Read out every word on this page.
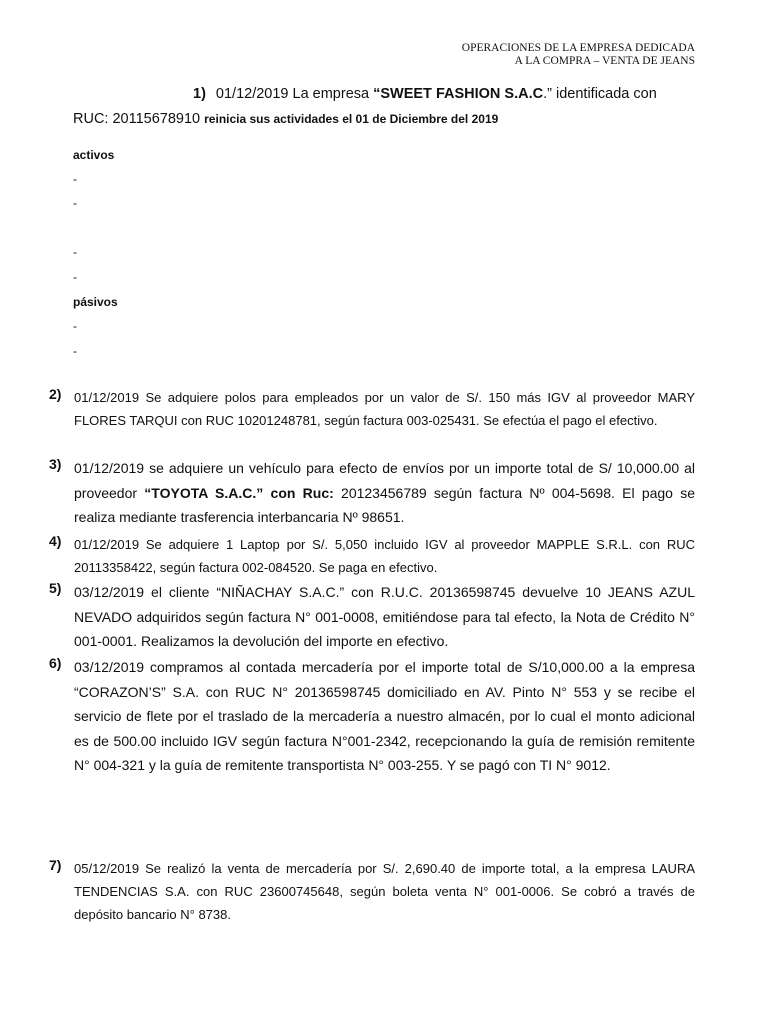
OPERACIONES DE LA EMPRESA DEDICADA
A LA COMPRA – VENTA DE JEANS
1) 01/12/2019 La empresa “SWEET FASHION S.A.C.” identificada con
RUC: 20115678910 reinicia sus actividades el 01 de Diciembre del 2019
activos
-
-
-
-
pásivos
-
-
2) 01/12/2019 Se adquiere polos para empleados por un valor de S/. 150 más IGV al proveedor MARY FLORES TARQUI con RUC 10201248781, según factura 003-025431. Se efectúa el pago el efectivo.
3) 01/12/2019 se adquiere un vehículo para efecto de envíos por un importe total de S/ 10,000.00 al proveedor “TOYOTA S.A.C.” con Ruc: 20123456789 según factura Nº 004-5698. El pago se realiza mediante trasferencia interbancaria Nº 98651.
4) 01/12/2019 Se adquiere 1 Laptop por S/. 5,050 incluido IGV al proveedor MAPPLE S.R.L. con RUC 20113358422, según factura 002-084520. Se paga en efectivo.
5) 03/12/2019 el cliente “NIÑACHAY S.A.C.” con R.U.C. 20136598745 devuelve 10 JEANS AZUL NEVADO adquiridos según factura N° 001-0008, emitiéndose para tal efecto, la Nota de Crédito N° 001-0001. Realizamos la devolución del importe en efectivo.
6) 03/12/2019 compramos al contada mercadería por el importe total de S/10,000.00 a la empresa “CORAZON’S” S.A. con RUC N° 20136598745 domiciliado en AV. Pinto N° 553 y se recibe el servicio de flete por el traslado de la mercadería a nuestro almacén, por lo cual el monto adicional es de 500.00 incluido IGV según factura N°001-2342, recepcionando la guía de remisión remitente N° 004-321 y la guía de remitente transportista N° 003-255. Y se pagó con TI N° 9012.
7) 05/12/2019 Se realizó la venta de mercadería por S/. 2,690.40 de importe total, a la empresa LAURA TENDENCIAS S.A. con RUC 23600745648, según boleta venta N° 001-0006. Se cobró a través de depósito bancario N° 8738.
